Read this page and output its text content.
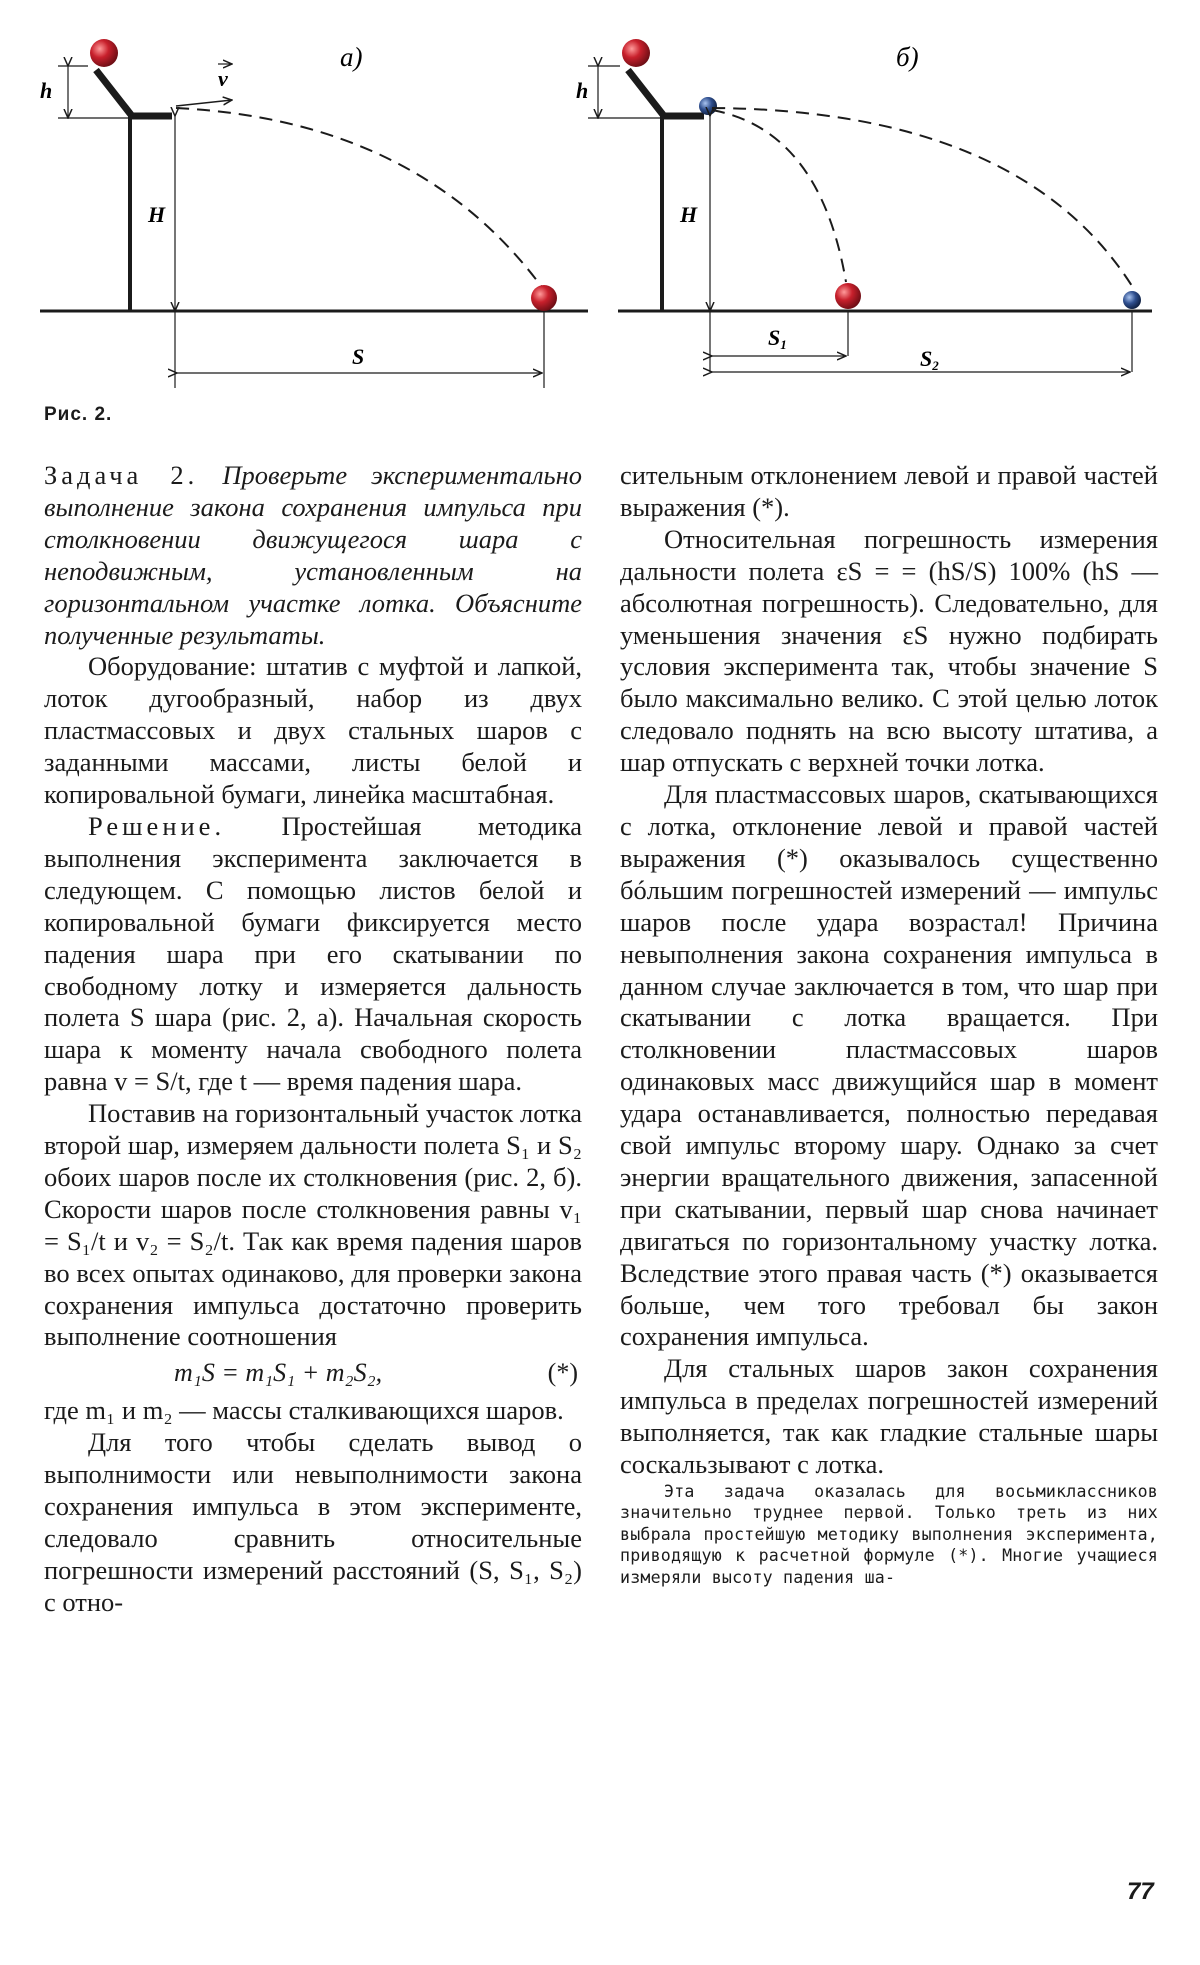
h
H
v
S
а)
h
H
S1
S2
б)
Рис. 2.

Задача 2. Проверьте экспериментально выполнение закона сохранения импульса при столкновении движущегося шара с неподвижным, установленным на горизонтальном участке лотка. Объясните полученные результаты.

Оборудование: штатив с муфтой и лапкой, лоток дугообразный, набор из двух пластмассовых и двух стальных шаров с заданными массами, листы белой и копировальной бумаги, линейка масштабная.

Решение. Простейшая методика выполнения эксперимента заключается в следующем. С помощью листов белой и копировальной бумаги фиксируется место падения шара при его скатывании по свободному лотку и измеряется дальность полета S шара (рис. 2, а). Начальная скорость шара к моменту начала свободного полета равна v = S/t, где t — время падения шара.

Поставив на горизонтальный участок лотка второй шар, измеряем дальности полета S₁ и S₂ обоих шаров после их столкновения (рис. 2, б). Скорости шаров после столкновения равны v₁ = S₁/t и v₂ = S₂/t. Так как время падения шаров во всех опытах одинаково, для проверки закона сохранения импульса достаточно проверить выполнение соотношения

m₁S = m₁S₁ + m₂S₂,	(*)

где m₁ и m₂ — массы сталкивающихся шаров.

Для того чтобы сделать вывод о выполнимости или невыполнимости закона сохранения импульса в этом эксперименте, следовало сравнить относительные погрешности измерений расстояний (S, S₁, S₂) с отно-

сительным отклонением левой и правой частей выражения (*).

Относительная погрешность измерения дальности полета εS = = (hS/S) 100% (hS — абсолютная погрешность). Следовательно, для уменьшения значения εS нужно подбирать условия эксперимента так, чтобы значение S было максимально велико. С этой целью лоток следовало поднять на всю высоту штатива, а шар отпускать с верхней точки лотка.

Для пластмассовых шаров, скатывающихся с лотка, отклонение левой и правой частей выражения (*) оказывалось существенно бóльшим погрешностей измерений — импульс шаров после удара возрастал! Причина невыполнения закона сохранения импульса в данном случае заключается в том, что шар при скатывании с лотка вращается. При столкновении пластмассовых шаров одинаковых масс движущийся шар в момент удара останавливается, полностью передавая свой импульс второму шару. Однако за счет энергии вращательного движения, запасенной при скатывании, первый шар снова начинает двигаться по горизонтальному участку лотка. Вследствие этого правая часть (*) оказывается больше, чем того требовал бы закон сохранения импульса.

Для стальных шаров закон сохранения импульса в пределах погрешностей измерений выполняется, так как гладкие стальные шары соскальзывают с лотка.

Эта задача оказалась для восьмиклассников значительно труднее первой. Только треть из них выбрала простейшую методику выполнения эксперимента, приводящую к расчетной формуле (*). Многие учащиеся измеряли высоту падения ша-

77
